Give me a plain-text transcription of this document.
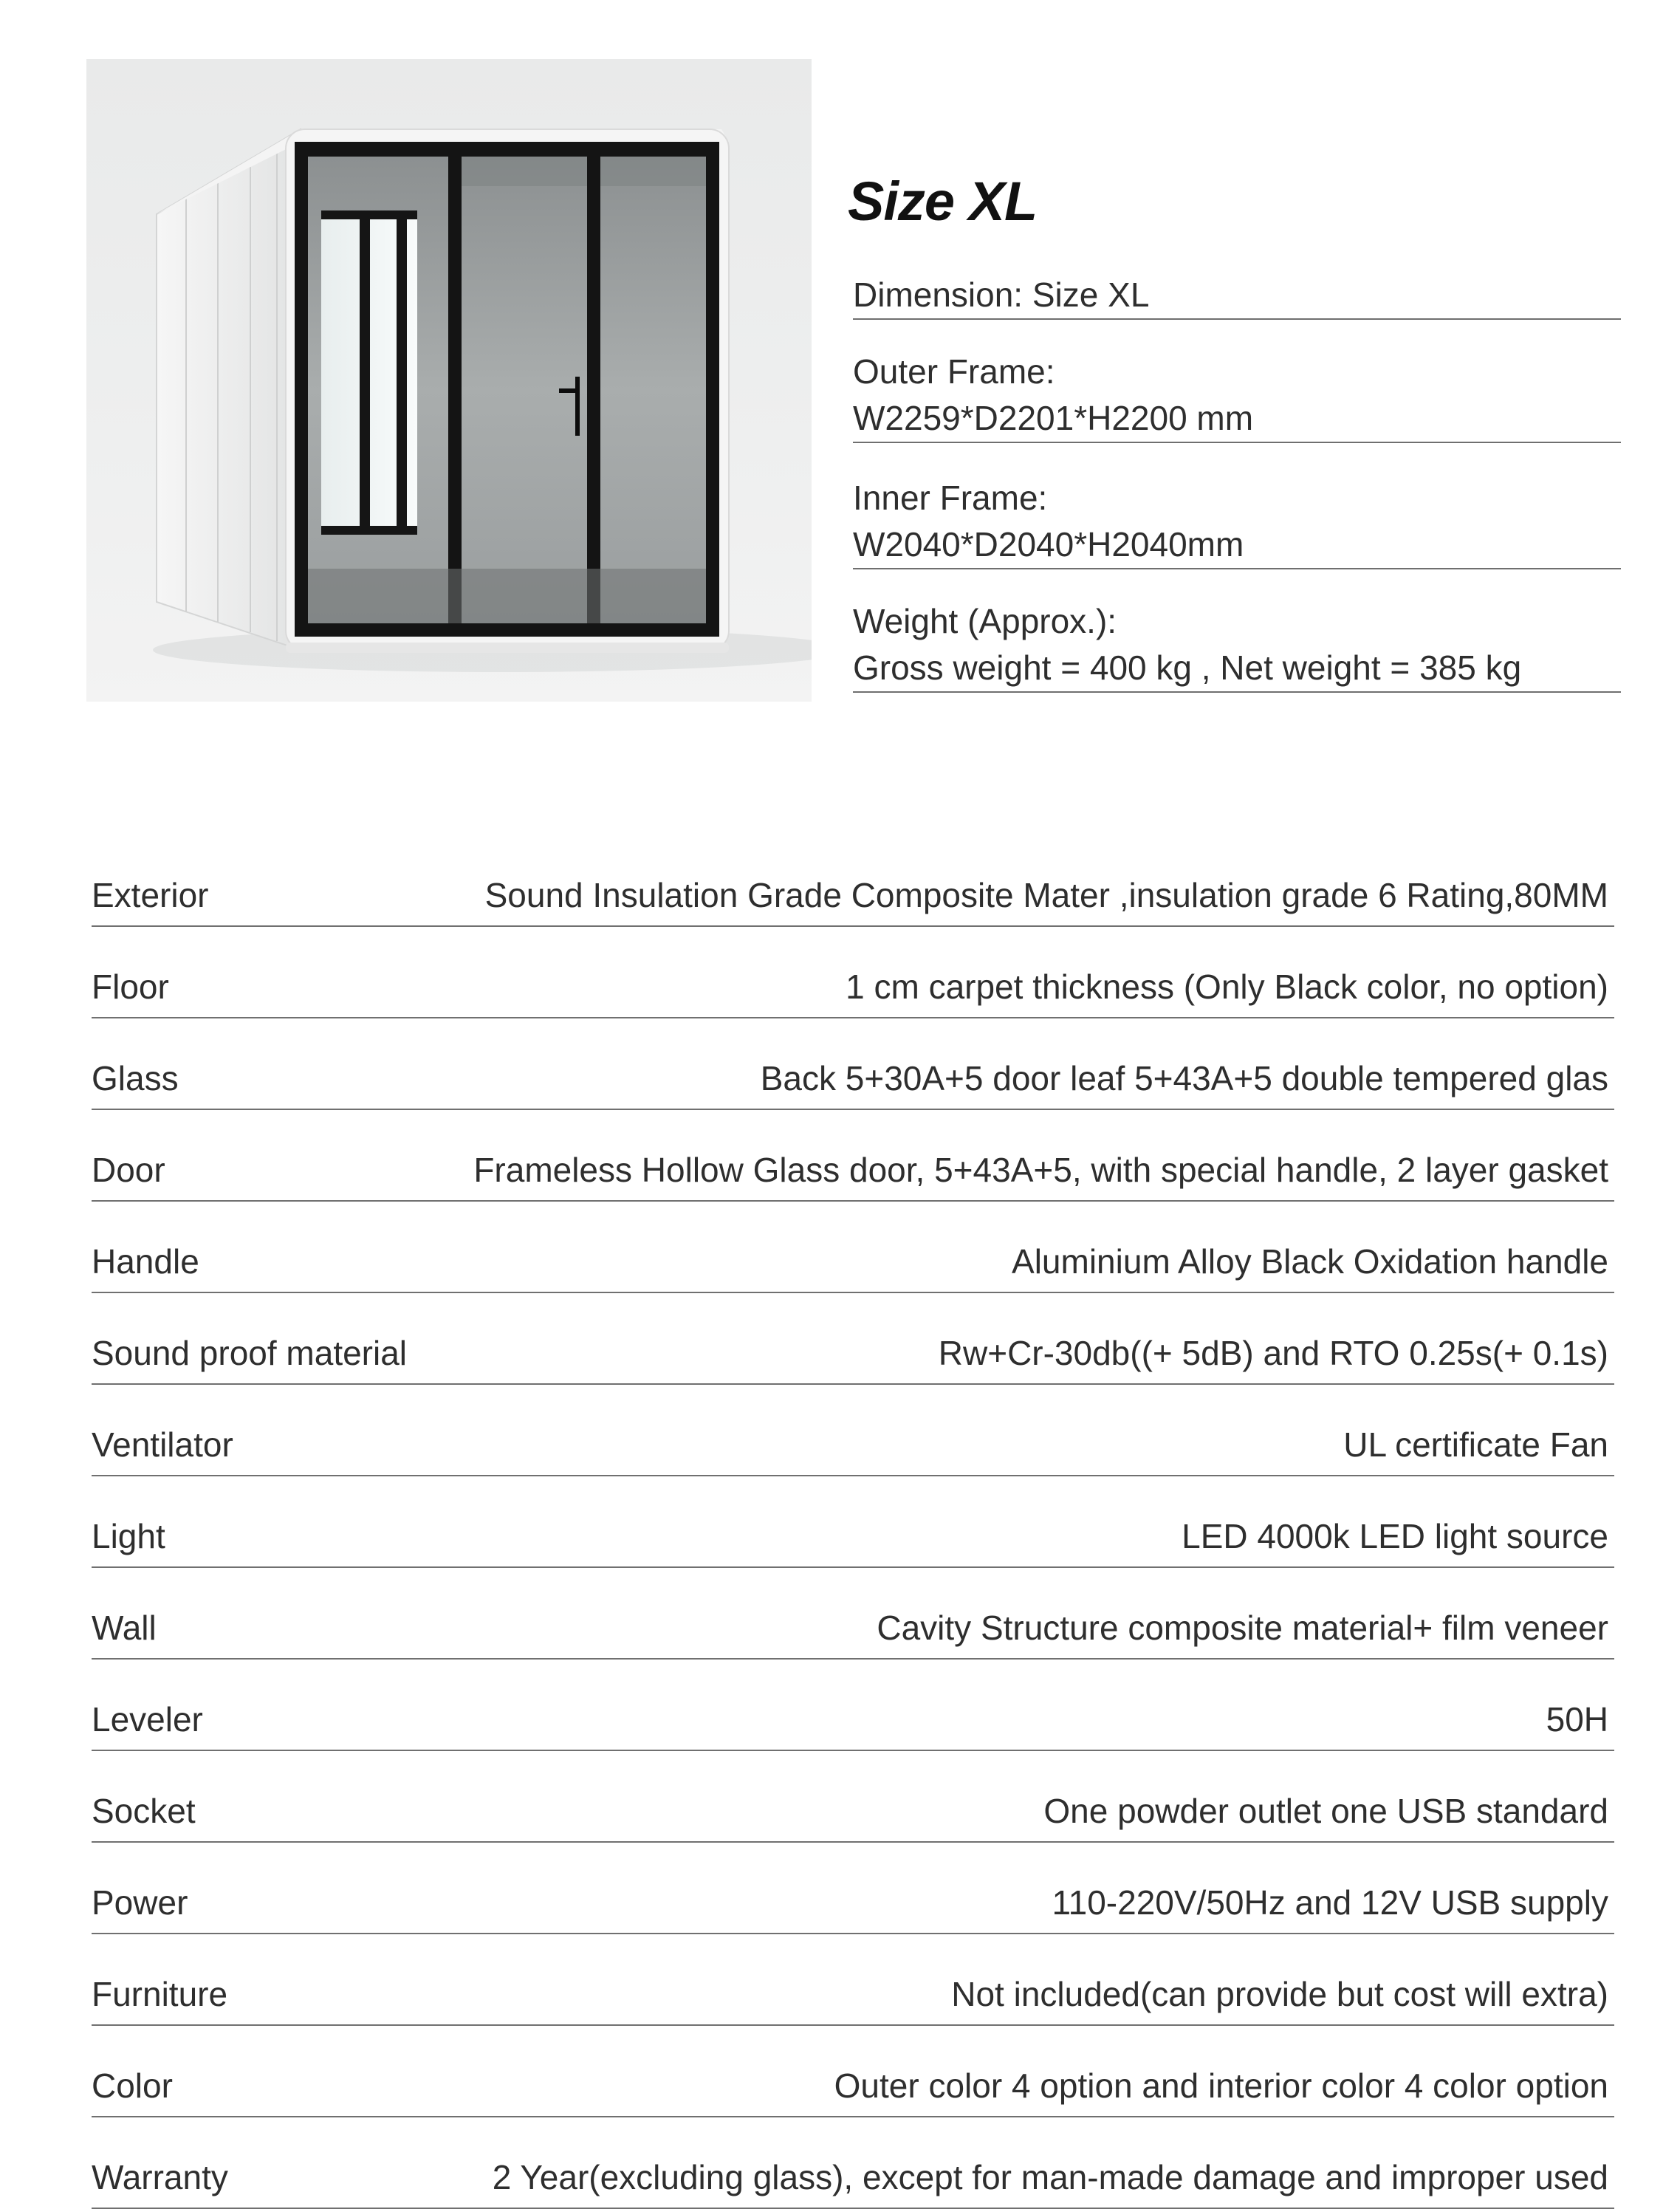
Size XL
Dimension: Size XL
Outer Frame:
W2259*D2201*H2200 mm
Inner Frame:
W2040*D2040*H2040mm
Weight (Approx.):
Gross weight = 400 kg , Net weight = 385 kg
Exterior	Sound Insulation Grade Composite Mater ,insulation grade 6 Rating,80MM
Floor	1 cm carpet thickness (Only Black color, no option)
Glass	Back 5+30A+5 door leaf 5+43A+5 double tempered glas
Door	Frameless Hollow Glass door, 5+43A+5, with special handle, 2 layer gasket
Handle	Aluminium Alloy Black Oxidation handle
Sound proof material	Rw+Cr-30db((+ 5dB) and RTO 0.25s(+ 0.1s)
Ventilator	UL certificate Fan
Light	LED 4000k LED light source
Wall	Cavity Structure composite material+ film veneer
Leveler	50H
Socket	One powder outlet one USB standard
Power	110-220V/50Hz and 12V USB supply
Furniture	Not included(can provide but cost will extra)
Color	Outer color 4 option and interior color 4 color option
Warranty	2 Year(excluding glass), except for man-made damage and improper used
